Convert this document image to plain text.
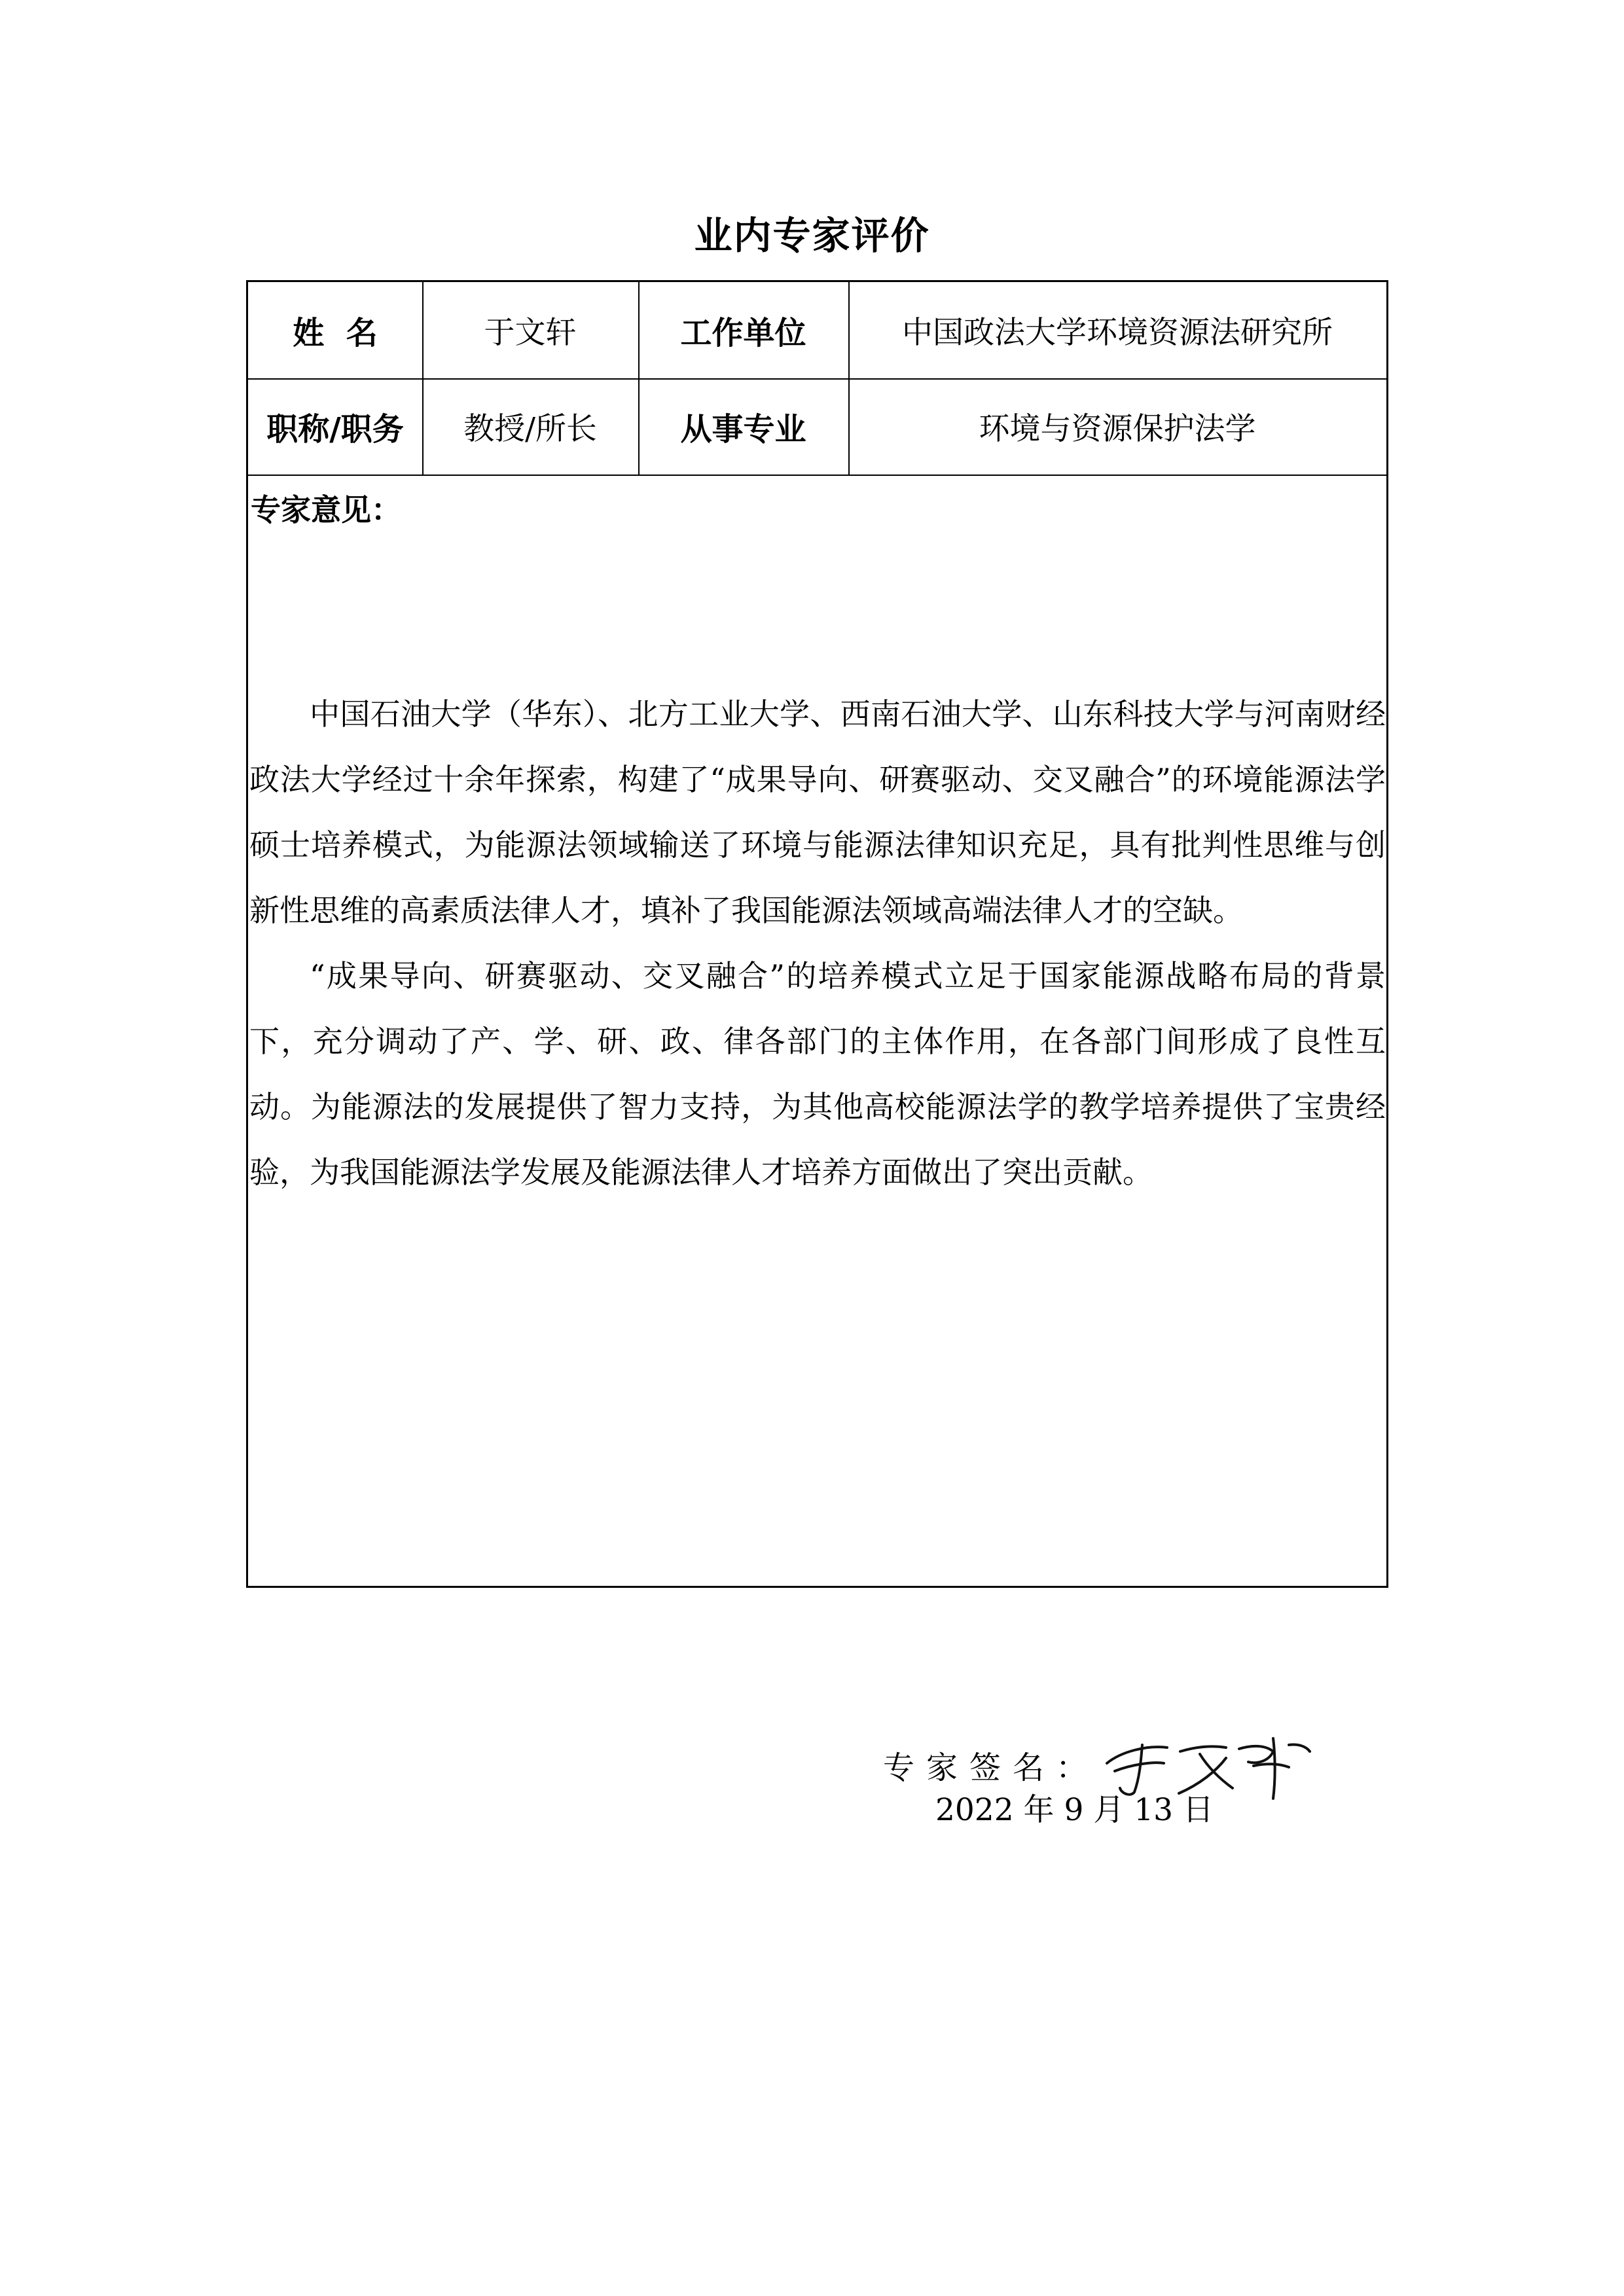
业内专家评价
姓  名	于文轩	工作单位	中国政法大学环境资源法研究所
职称/职务	教授/所长	从事专业	环境与资源保护法学
专家意见：

中国石油大学（华东）、北方工业大学、西南石油大学、山东科技大学与河南财经政法大学经过十余年探索，构建了“成果导向、研赛驱动、交叉融合”的环境能源法学硕士培养模式，为能源法领域输送了环境与能源法律知识充足，具有批判性思维与创新性思维的高素质法律人才，填补了我国能源法领域高端法律人才的空缺。

“成果导向、研赛驱动、交叉融合”的培养模式立足于国家能源战略布局的背景下，充分调动了产、学、研、政、律各部门的主体作用，在各部门间形成了良性互动。为能源法的发展提供了智力支持，为其他高校能源法学的教学培养提供了宝贵经验，为我国能源法学发展及能源法律人才培养方面做出了突出贡献。

专家签名：
2022 年 9 月 13 日
